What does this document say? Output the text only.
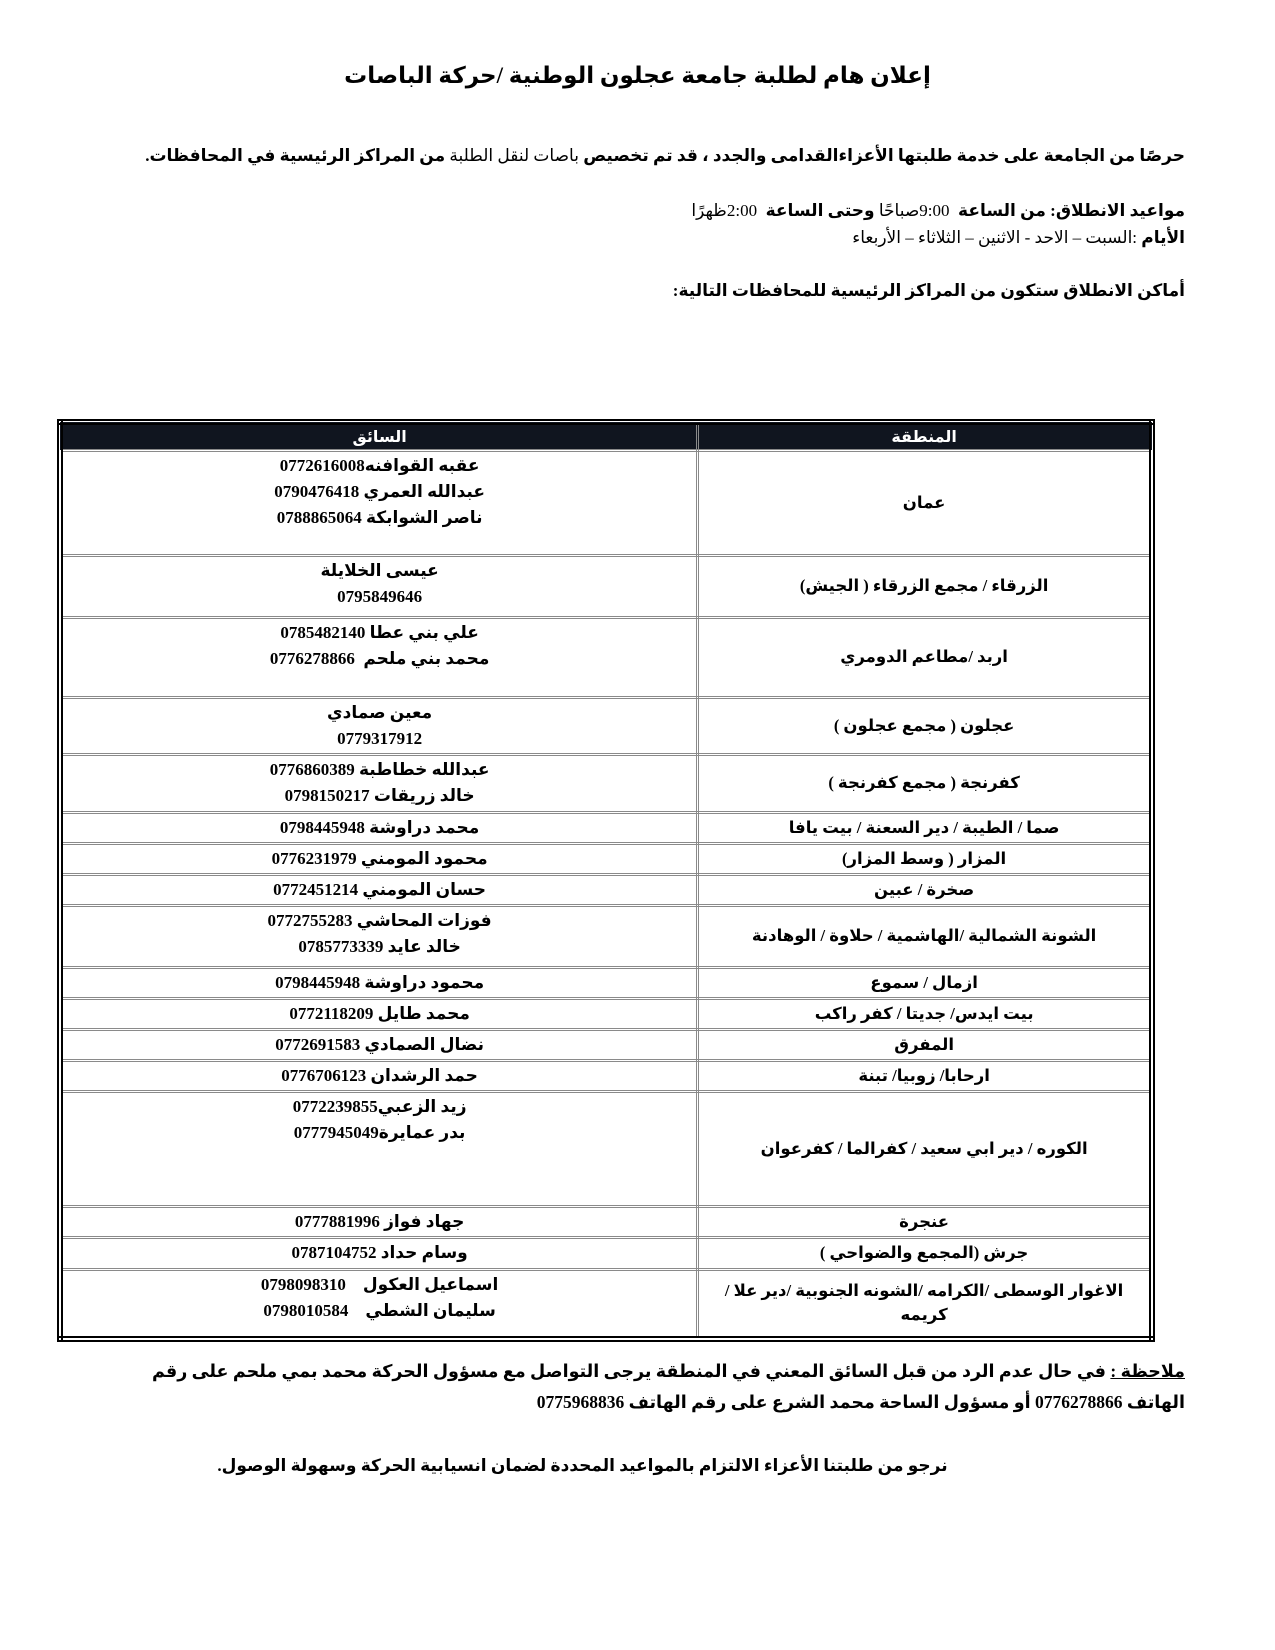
إعلان هام لطلبة جامعة عجلون الوطنية /حركة الباصات

حرصًا من الجامعة على خدمة طلبتها الأعزاءالقدامى والجدد ، قد تم تخصيص باصات لنقل الطلبة من المراكز الرئيسية في المحافظات.

مواعيد الانطلاق: من الساعة  9:00صباحًا وحتى الساعة  2:00ظهرًا

الأيام :السبت – الاحد - الاثنين – الثلاثاء – الأربعاء

أماكن الانطلاق ستكون من المراكز الرئيسية للمحافظات التالية:

المنطقة	السائق
عمان	عقبه القوافنه0772616008
عبدالله العمري 0790476418
ناصر الشوابكة 0788865064

الزرقاء / مجمع الزرقاء ( الجيش)	عيسى الخلايلة
0795849646

اربد /مطاعم الدومري	علي بني عطا 0785482140
محمد بني ملحم  0776278866

عجلون ( مجمع عجلون )	معين صمادي
0779317912

كفرنجة ( مجمع كفرنجة )	عبدالله خطاطبة 0776860389
خالد زريقات 0798150217

صما / الطيبة / دير السعنة / بيت يافا	محمد دراوشة 0798445948

المزار ( وسط المزار)	محمود المومني 0776231979

صخرة / عبين	حسان المومني 0772451214

الشونة الشمالية /الهاشمية / حلاوة / الوهادنة	فوزات المحاشي 0772755283
خالد عايد 0785773339

ازمال / سموع	محمود دراوشة 0798445948

بيت ايدس/ جديتا / كفر راكب	محمد طايل 0772118209

المفرق	نضال الصمادي 0772691583

ارحابا/ زوبيا/ تبنة	حمد الرشدان 0776706123

الكوره / دير ابي سعيد / كفرالما / كفرعوان	زيد الزعبي0772239855
بدر عمايرة0777945049

عنجرة	جهاد فواز 0777881996

جرش (المجمع والضواحي )	وسام حداد 0787104752

الاغوار الوسطى /الكرامه /الشونه الجنوبية /دير علا /كريمه	اسماعيل العكول    0798098310
سليمان الشطي    0798010584

ملاحظة : في حال عدم الرد من قبل السائق المعني في المنطقة يرجى التواصل مع مسؤول الحركة محمد بمي ملحم على رقم الهاتف 0776278866 أو مسؤول الساحة محمد الشرع على رقم الهاتف 0775968836

نرجو من طلبتنا الأعزاء الالتزام بالمواعيد المحددة لضمان انسيابية الحركة وسهولة الوصول.
